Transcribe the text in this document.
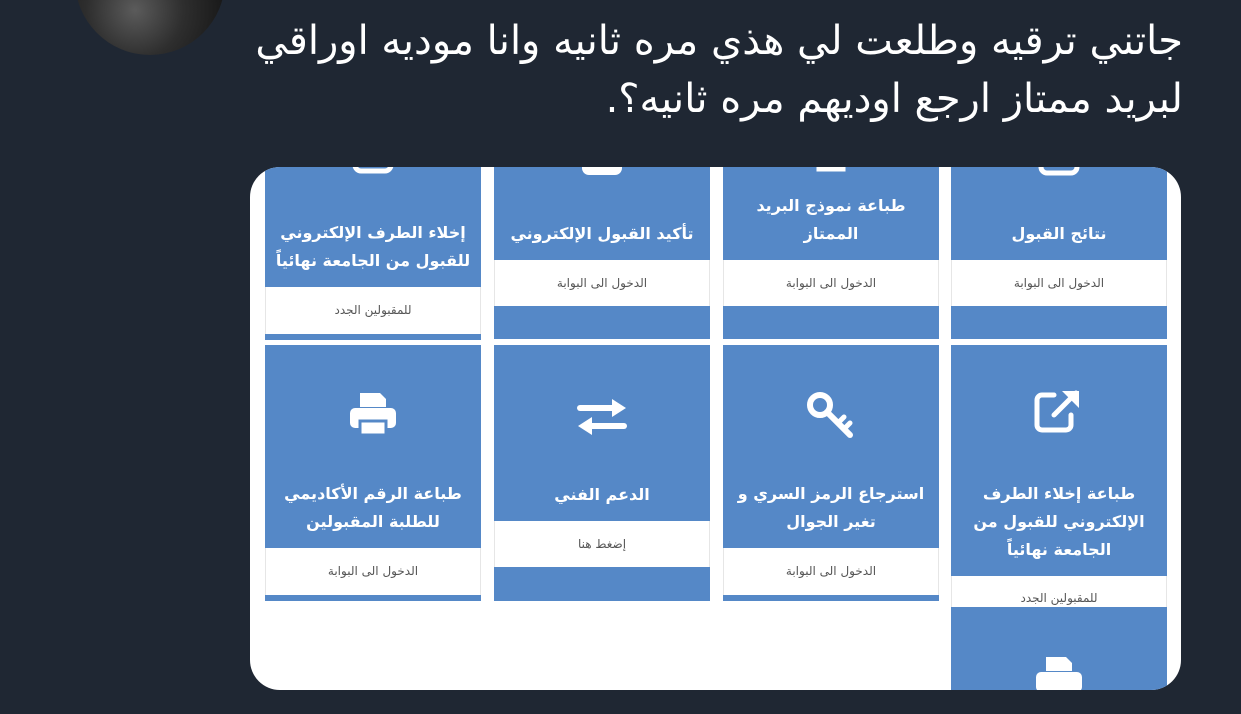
جاتني ترقيه وطلعت لي هذي مره ثانيه وانا موديه اوراقي
لبريد ممتاز ارجع اوديهم مره ثانيه؟.
نتائج القبول
الدخول الى البوابة
طباعة نموذج البريد الممتاز
الدخول الى البوابة
تأكيد القبول الإلكتروني
الدخول الى البوابة
إخلاء الطرف الإلكتروني للقبول من الجامعة نهائياً
للمقبولين الجدد
طباعة إخلاء الطرف الإلكتروني للقبول من الجامعة نهائياً
للمقبولين الجدد
استرجاع الرمز السري و تغير الجوال
الدخول الى البوابة
الدعم الفني
إضغط هنا
طباعة الرقم الأكاديمي للطلبة المقبولين
الدخول الى البوابة
